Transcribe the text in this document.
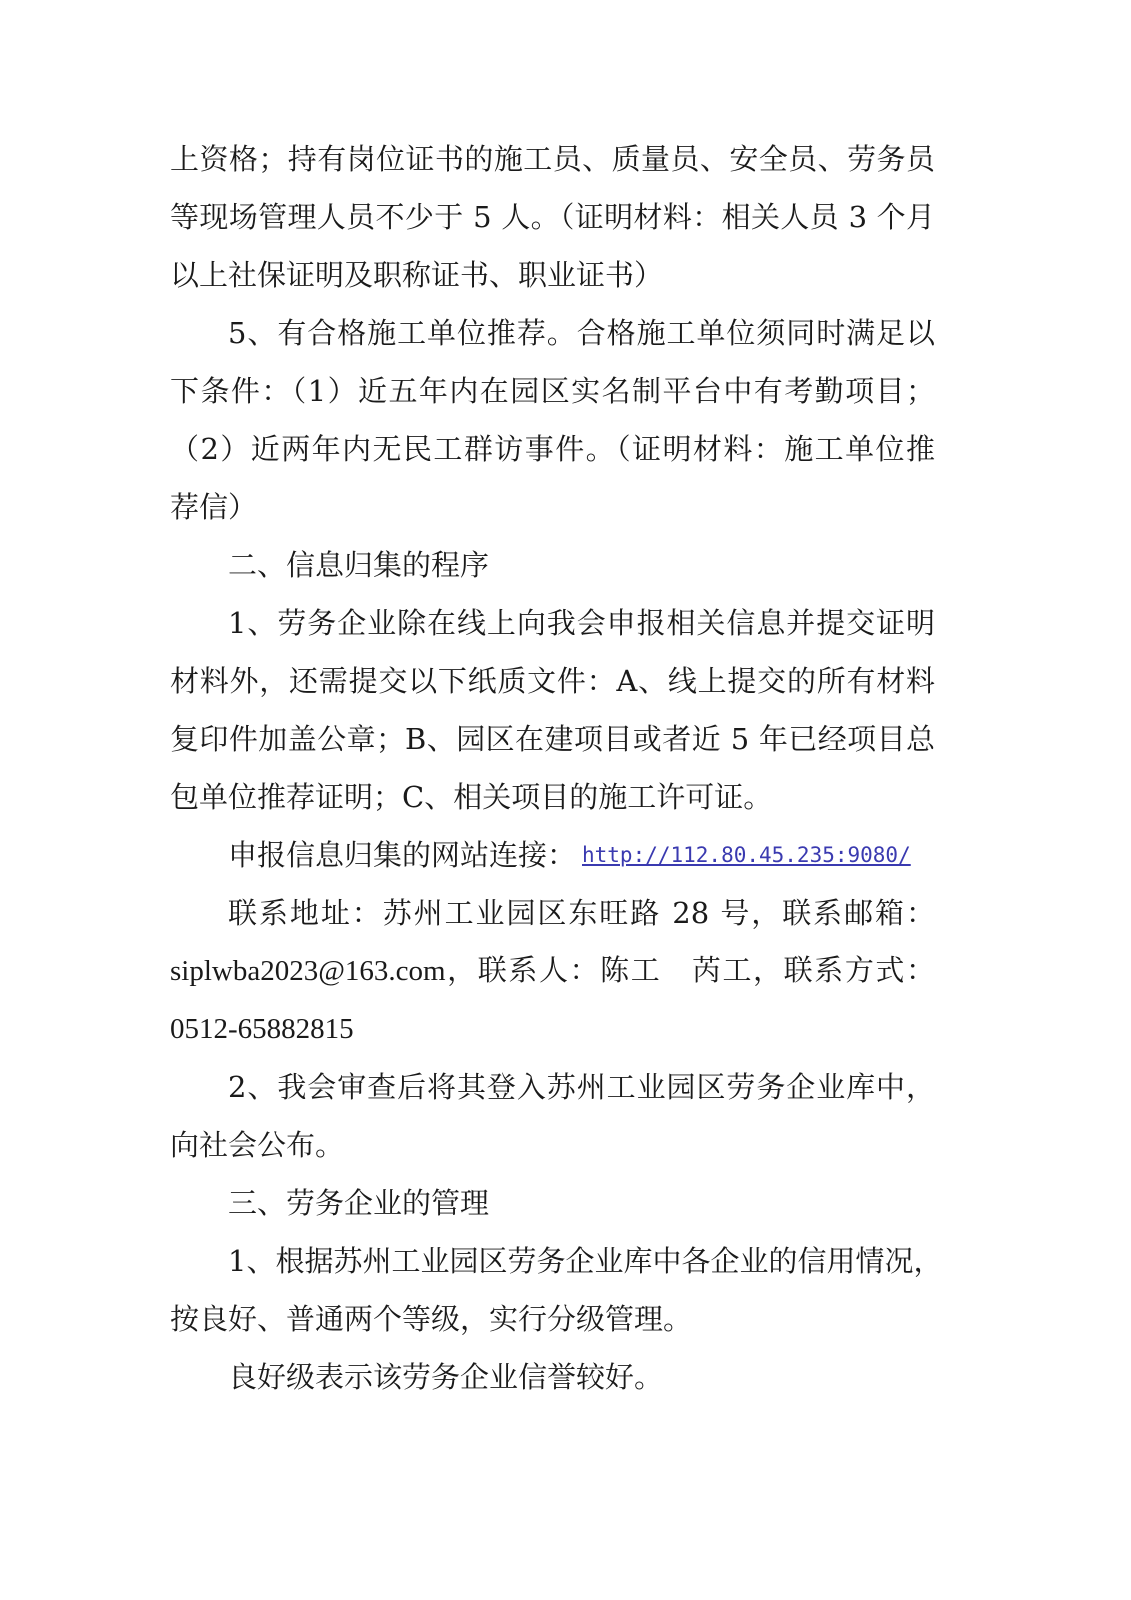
上资格；持有岗位证书的施工员、质量员、安全员、劳务员
等现场管理人员不少于 5 人。（证明材料：相关人员 3 个月
以上社保证明及职称证书、职业证书）
5、有合格施工单位推荐。合格施工单位须同时满足以
下条件：（1）近五年内在园区实名制平台中有考勤项目；
（2）近两年内无民工群访事件。（证明材料：施工单位推
荐信）
二、信息归集的程序
1、劳务企业除在线上向我会申报相关信息并提交证明
材料外，还需提交以下纸质文件：A、线上提交的所有材料
复印件加盖公章；B、园区在建项目或者近 5 年已经项目总
包单位推荐证明；C、相关项目的施工许可证。
申报信息归集的网站连接： http://112.80.45.235:9080/
联系地址：苏州工业园区东旺路 28 号，联系邮箱：
siplwba2023@163.com，联系人：陈工　芮工，联系方式：
0512-65882815
2、我会审查后将其登入苏州工业园区劳务企业库中，
向社会公布。
三、劳务企业的管理
1、根据苏州工业园区劳务企业库中各企业的信用情况，
按良好、普通两个等级，实行分级管理。
良好级表示该劳务企业信誉较好。
